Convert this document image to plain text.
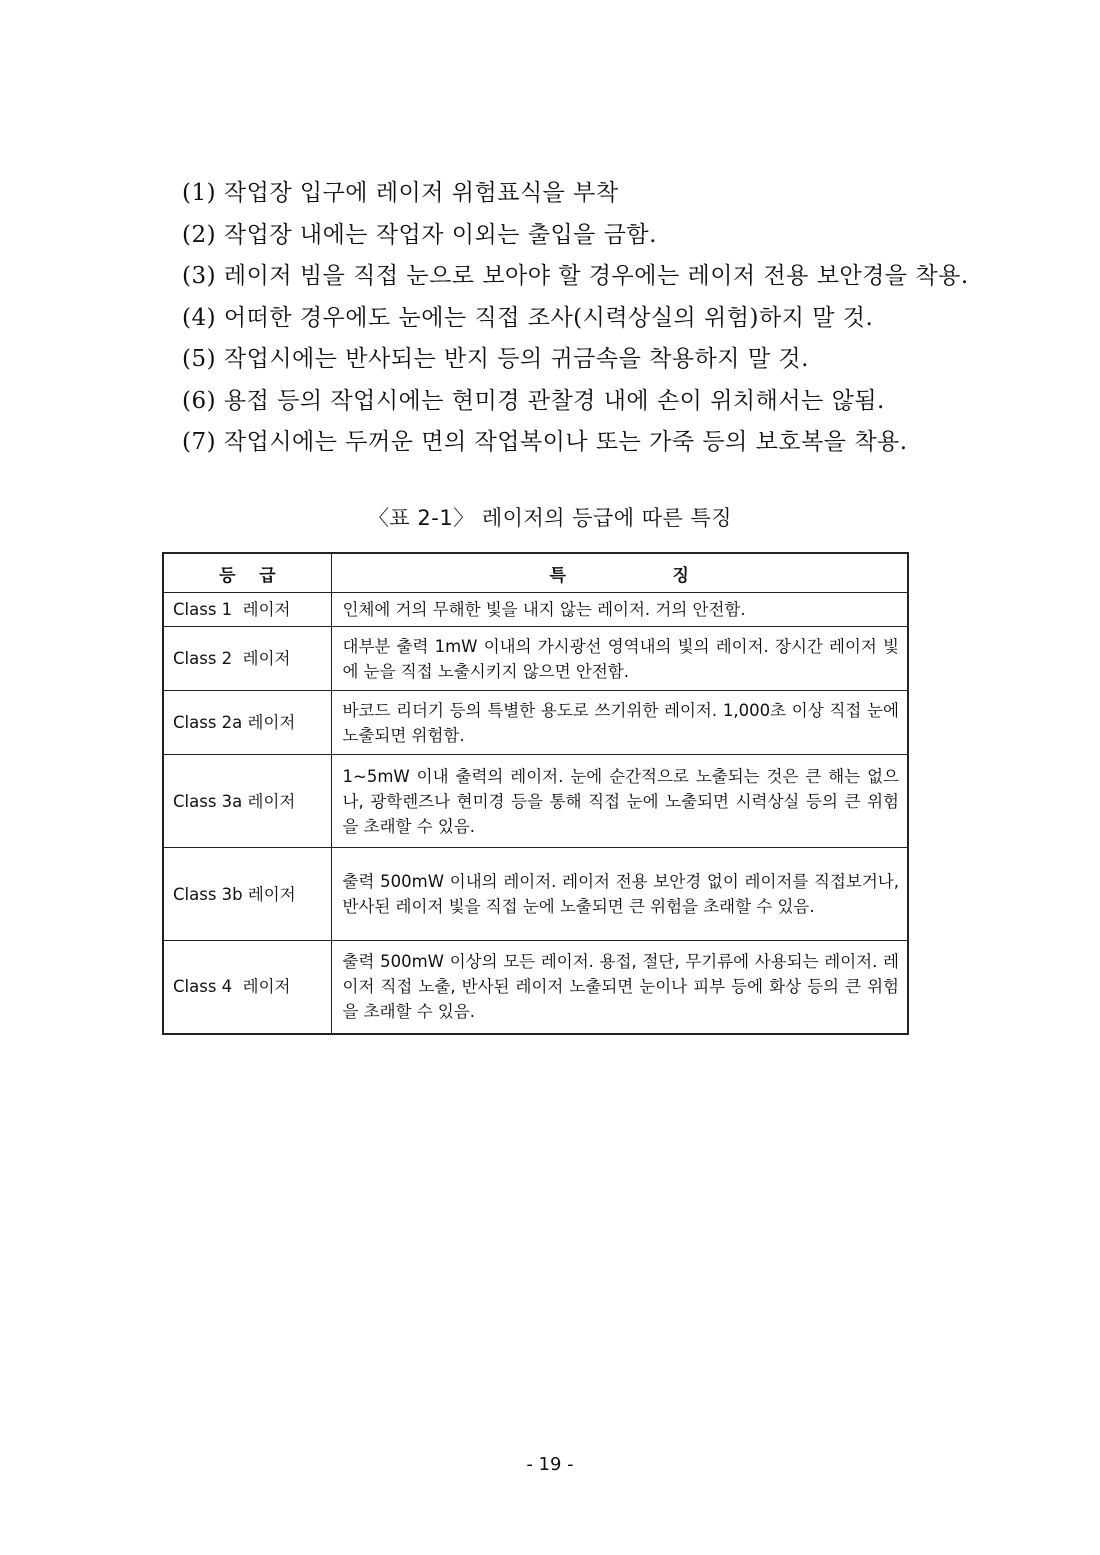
(1) 작업장 입구에 레이저 위험표식을 부착
(2) 작업장 내에는 작업자 이외는 출입을 금함.
(3) 레이저 빔을 직접 눈으로 보아야 할 경우에는 레이저 전용 보안경을 착용.
(4) 어떠한 경우에도 눈에는 직접 조사(시력상실의 위험)하지 말 것.
(5) 작업시에는 반사되는 반지 등의 귀금속을 착용하지 말 것.
(6) 용접 등의 작업시에는 현미경 관찰경 내에 손이 위치해서는 않됨.
(7) 작업시에는 두꺼운 면의 작업복이나 또는 가죽 등의 보호복을 착용.

〈표 2-1〉 레이저의 등급에 따른 특징

등    급	특                  징
Class 1  레이저	인체에 거의 무해한 빛을 내지 않는 레이저. 거의 안전함.
Class 2  레이저	대부분 출력 1mW 이내의 가시광선 영역내의 빛의 레이저. 장시간 레이저 빛에 눈을 직접 노출시키지 않으면 안전함.
Class 2a 레이저	바코드 리더기 등의 특별한 용도로 쓰기위한 레이저. 1,000초 이상 직접 눈에 노출되면 위험함.
Class 3a 레이저	1~5mW 이내 출력의 레이저. 눈에 순간적으로 노출되는 것은 큰 해는 없으나, 광학렌즈나 현미경 등을 통해 직접 눈에 노출되면 시력상실 등의 큰 위험을 초래할 수 있음.
Class 3b 레이저	출력 500mW 이내의 레이저. 레이저 전용 보안경 없이 레이저를 직접보거나, 반사된 레이저 빛을 직접 눈에 노출되면 큰 위험을 초래할 수 있음.
Class 4  레이저	출력 500mW 이상의 모든 레이저. 용접, 절단, 무기류에 사용되는 레이저. 레이저 직접 노출, 반사된 레이저 노출되면 눈이나 피부 등에 화상 등의 큰 위험을 초래할 수 있음.

- 19 -
